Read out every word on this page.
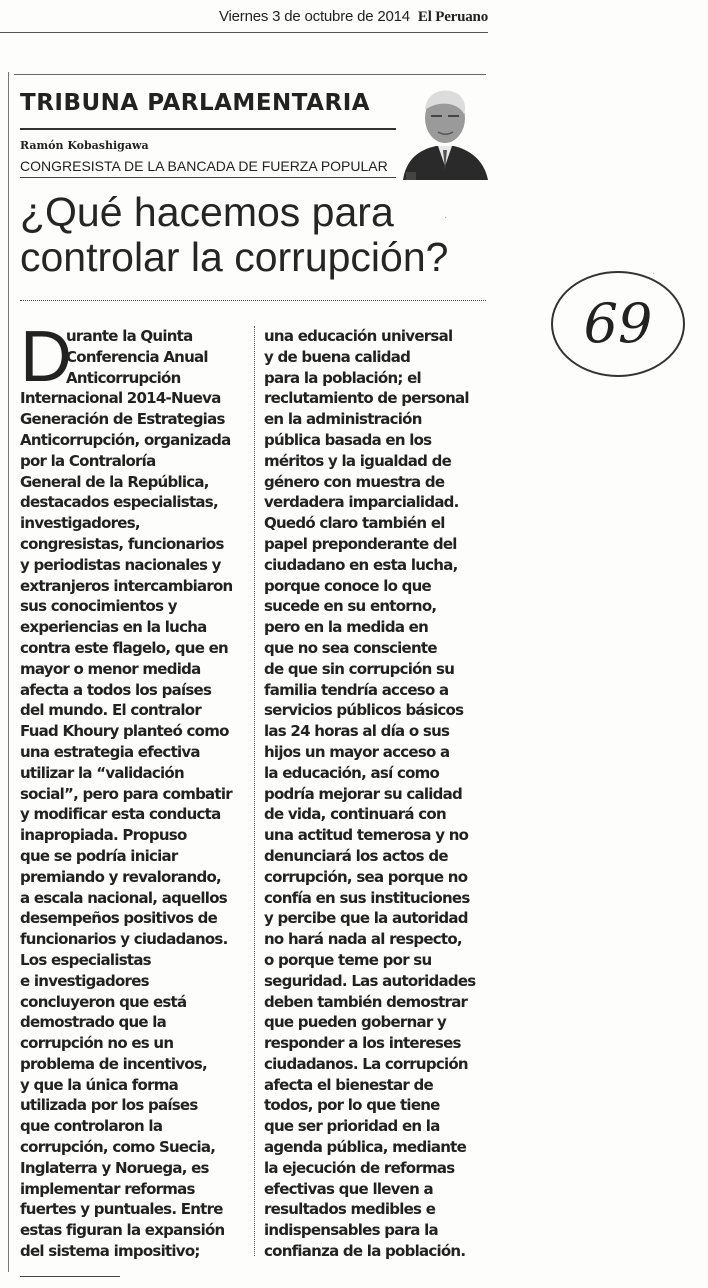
Viernes 3 de octubre de 2014 El Peruano
TRIBUNA PARLAMENTARIA
Ramón Kobashigawa
CONGRESISTA DE LA BANCADA DE FUERZA POPULAR
¿Qué hacemos para
controlar la corrupción?
D
urante la Quinta
Conferencia Anual
Anticorrupción
Internacional 2014-Nueva
Generación de Estrategias
Anticorrupción, organizada
por la Contraloría
General de la República,
destacados especialistas,
investigadores,
congresistas, funcionarios
y periodistas nacionales y
extranjeros intercambiaron
sus conocimientos y
experiencias en la lucha
contra este flagelo, que en
mayor o menor medida
afecta a todos los países
del mundo. El contralor
Fuad Khoury planteó como
una estrategia efectiva
utilizar la “validación
social”, pero para combatir
y modificar esta conducta
inapropiada. Propuso
que se podría iniciar
premiando y revalorando,
a escala nacional, aquellos
desempeños positivos de
funcionarios y ciudadanos.
Los especialistas
e investigadores
concluyeron que está
demostrado que la
corrupción no es un
problema de incentivos,
y que la única forma
utilizada por los países
que controlaron la
corrupción, como Suecia,
Inglaterra y Noruega, es
implementar reformas
fuertes y puntuales. Entre
estas figuran la expansión
del sistema impositivo;
una educación universal
y de buena calidad
para la población; el
reclutamiento de personal
en la administración
pública basada en los
méritos y la igualdad de
género con muestra de
verdadera imparcialidad.
Quedó claro también el
papel preponderante del
ciudadano en esta lucha,
porque conoce lo que
sucede en su entorno,
pero en la medida en
que no sea consciente
de que sin corrupción su
familia tendría acceso a
servicios públicos básicos
las 24 horas al día o sus
hijos un mayor acceso a
la educación, así como
podría mejorar su calidad
de vida, continuará con
una actitud temerosa y no
denunciará los actos de
corrupción, sea porque no
confía en sus instituciones
y percibe que la autoridad
no hará nada al respecto,
o porque teme por su
seguridad. Las autoridades
deben también demostrar
que pueden gobernar y
responder a los intereses
ciudadanos. La corrupción
afecta el bienestar de
todos, por lo que tiene
que ser prioridad en la
agenda pública, mediante
la ejecución de reformas
efectivas que lleven a
resultados medibles e
indispensables para la
confianza de la población.
69
·
·
